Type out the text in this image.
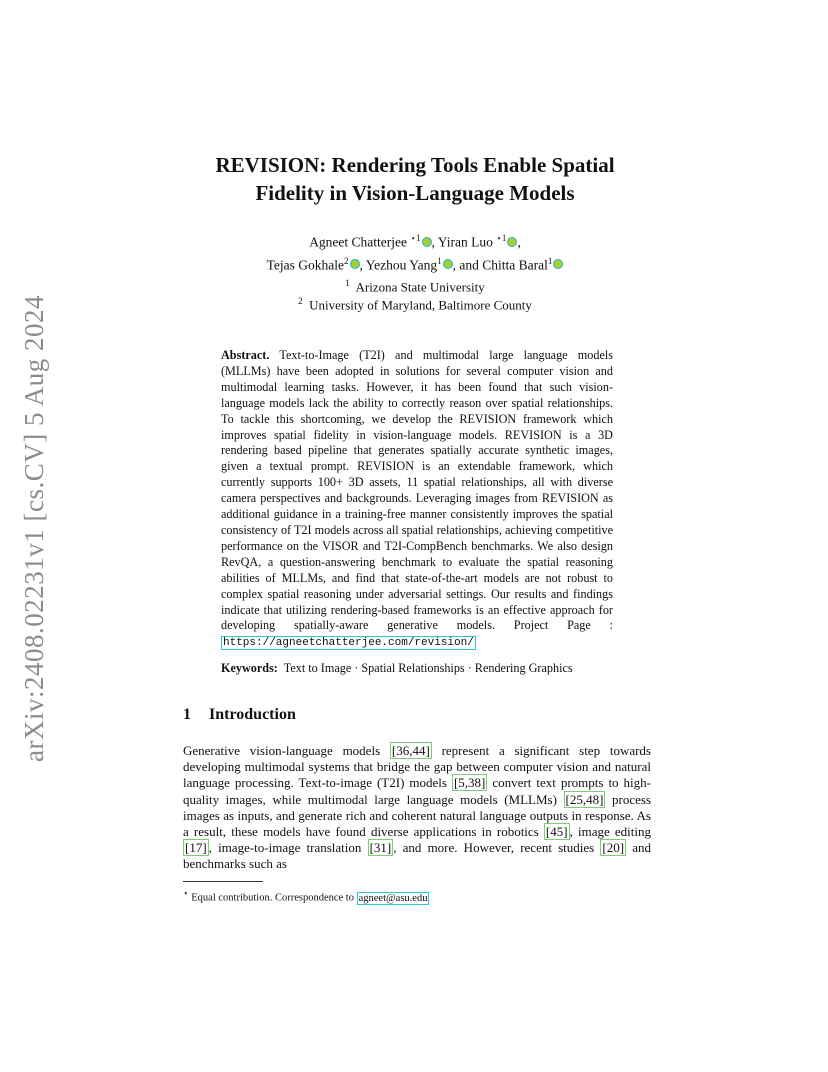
arXiv:2408.02231v1 [cs.CV] 5 Aug 2024
REVISION: Rendering Tools Enable Spatial
Fidelity in Vision-Language Models
Agneet Chatterjee $^{⋆1}$ , Yiran Luo $^{⋆1}$ ,
Tejas Gokhale$^2$ , Yezhou Yang$^1$ , and Chitta Baral$^1$
$^1$ Arizona State University
$^2$ University of Maryland, Baltimore County
Abstract. Text-to-Image (T2I) and multimodal large language models (MLLMs) have been adopted in solutions for several computer vision and multimodal learning tasks. However, it has been found that such vision-language models lack the ability to correctly reason over spatial relationships. To tackle this shortcoming, we develop the REVISION framework which improves spatial fidelity in vision-language models. REVISION is a 3D rendering based pipeline that generates spatially accurate synthetic images, given a textual prompt. REVISION is an extendable framework, which currently supports 100+ 3D assets, 11 spatial relationships, all with diverse camera perspectives and backgrounds. Leveraging images from REVISION as additional guidance in a training-free manner consistently improves the spatial consistency of T2I models across all spatial relationships, achieving competitive performance on the VISOR and T2I-CompBench benchmarks. We also design RevQA, a question-answering benchmark to evaluate the spatial reasoning abilities of MLLMs, and find that state-of-the-art models are not robust to complex spatial reasoning under adversarial settings. Our results and findings indicate that utilizing rendering-based frameworks is an effective approach for developing spatially-aware generative models. Project Page : https://agneetchatterjee.com/revision/
Keywords: Text to Image · Spatial Relationships · Rendering Graphics
1 Introduction
Generative vision-language models [36,44] represent a significant step towards developing multimodal systems that bridge the gap between computer vision and natural language processing. Text-to-image (T2I) models [5,38] convert text prompts to high-quality images, while multimodal large language models (MLLMs) [25,48] process images as inputs, and generate rich and coherent natural language outputs in response. As a result, these models have found diverse applications in robotics [45] , image editing [17] , image-to-image translation [31] , and more. However, recent studies [20] and benchmarks such as
⋆ Equal contribution. Correspondence to agneet@asu.edu
